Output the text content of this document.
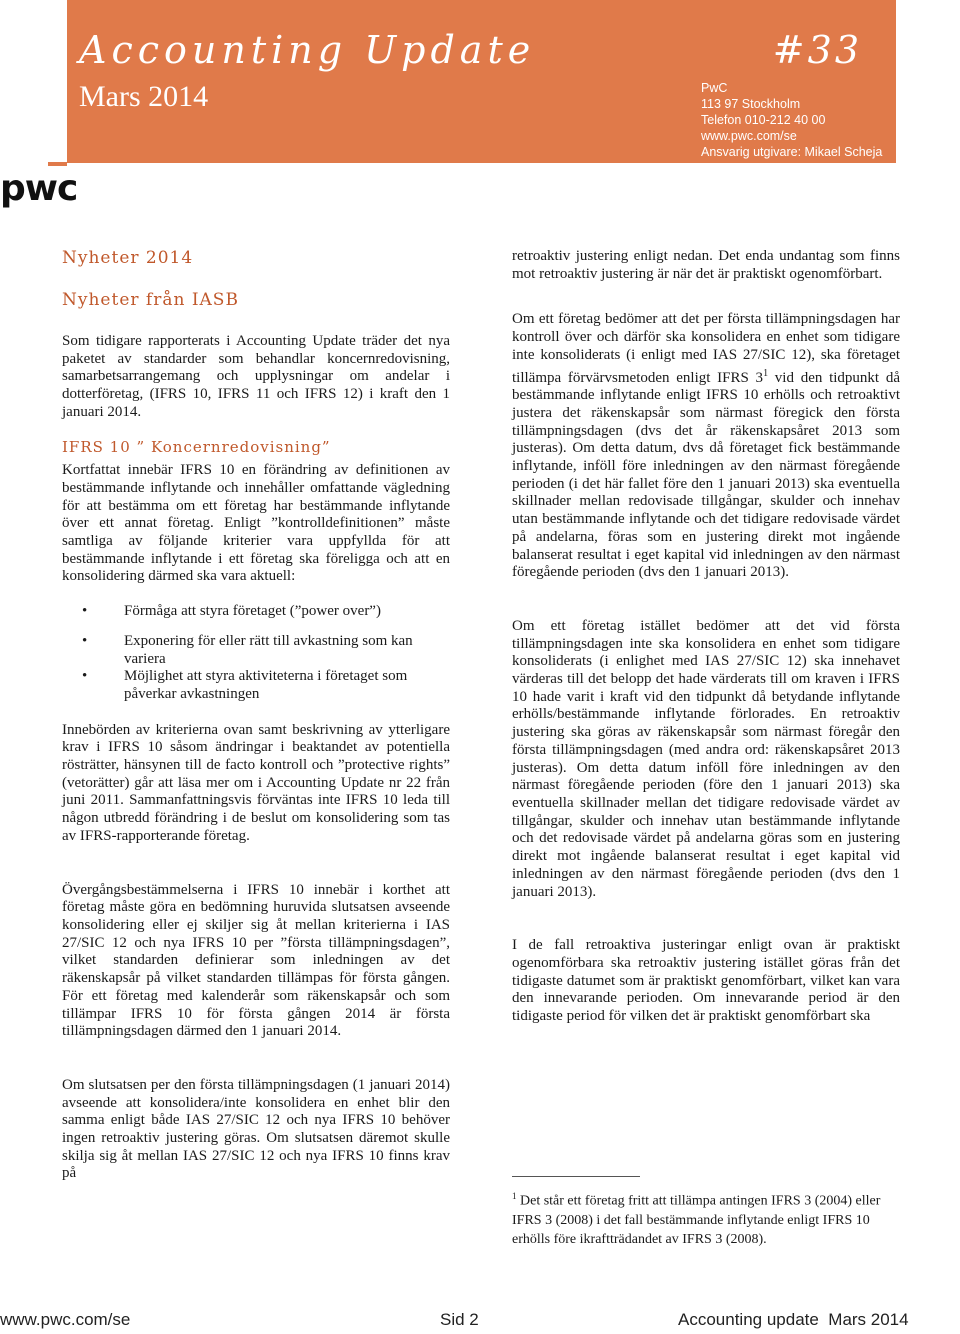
Accounting Update	#33
Mars 2014	PwC
113 97 Stockholm
Telefon 010-212 40 00
www.pwc.com/se
Ansvarig utgivare: Mikael Scheja
pwc
Nyheter 2014
Nyheter från IASB

Som tidigare rapporterats i Accounting Update träder det nya paketet av standarder som behandlar koncernredovisning, samarbetsarrangemang och upplysningar om andelar i dotterföretag, (IFRS 10, IFRS 11 och IFRS 12) i kraft den 1 januari 2014.

IFRS 10 ” Koncernredovisning”

Kortfattat innebär IFRS 10 en förändring av definitionen av bestämmande inflytande och innehåller omfattande vägledning för att bestämma om ett företag har bestämmande inflytande över ett annat företag. Enligt ”kontrolldefinitionen” måste samtliga av följande kriterier vara uppfyllda för att bestämmande inflytande i ett företag ska föreligga och att en konsolidering därmed ska vara aktuell:

• Förmåga att styra företaget (”power over”)
• Exponering för eller rätt till avkastning som kan variera
• Möjlighet att styra aktiviteterna i företaget som påverkar avkastningen

Innebörden av kriterierna ovan samt beskrivning av ytterligare krav i IFRS 10 såsom ändringar i beaktandet av potentiella rösträtter, hänsynen till de facto kontroll och ”protective rights” (vetorätter) går att läsa mer om i Accounting Update nr 22 från juni 2011. Sammanfattningsvis förväntas inte IFRS 10 leda till någon utbredd förändring i de beslut om konsolidering som tas av IFRS-rapporterande företag.

Övergångsbestämmelserna i IFRS 10 innebär i korthet att företag måste göra en bedömning huruvida slutsatsen avseende konsolidering eller ej skiljer sig åt mellan kriterierna i IAS 27/SIC 12 och nya IFRS 10 per ”första tillämpningsdagen”, vilket standarden definierar som inledningen av det räkenskapsår på vilket standarden tillämpas för första gången. För ett företag med kalenderår som räkenskapsår och som tillämpar IFRS 10 för första gången 2014 är första tillämpningsdagen därmed den 1 januari 2014.

Om slutsatsen per den första tillämpningsdagen (1 januari 2014) avseende att konsolidera/inte konsolidera en enhet blir den samma enligt både IAS 27/SIC 12 och nya IFRS 10 behöver ingen retroaktiv justering göras. Om slutsatsen däremot skulle skilja sig åt mellan IAS 27/SIC 12 och nya IFRS 10 finns krav på

retroaktiv justering enligt nedan. Det enda undantag som finns mot retroaktiv justering är när det är praktiskt ogenomförbart.

Om ett företag bedömer att det per första tillämpningsdagen har kontroll över och därför ska konsolidera en enhet som tidigare inte konsoliderats (i enligt med IAS 27/SIC 12), ska företaget tillämpa förvärvsmetoden enligt IFRS $3^1$ vid den tidpunkt då bestämmande inflytande enligt IFRS 10 erhölls och retroaktivt justera det räkenskapsår som närmast föregick den första tillämpningsdagen (dvs det år räkenskapsåret 2013 som justeras). Om detta datum, dvs då företaget fick bestämmande inflytande, inföll före inledningen av den närmast föregående perioden (i det här fallet före den 1 januari 2013) ska eventuella skillnader mellan redovisade tillgångar, skulder och innehav utan bestämmande inflytande och det tidigare redovisade värdet på andelarna, föras som en justering direkt mot ingående balanserat resultat i eget kapital vid inledningen av den närmast föregående perioden (dvs den 1 januari 2013).

Om ett företag istället bedömer att det vid första tillämpningsdagen inte ska konsolidera en enhet som tidigare konsoliderats (i enlighet med IAS 27/SIC 12) ska innehavet värderas till det belopp det hade värderats till om kraven i IFRS 10 hade varit i kraft vid den tidpunkt då betydande inflytande erhölls/bestämmande inflytande förlorades. En retroaktiv justering ska göras av räkenskapsår som närmast föregår den första tillämpningsdagen (med andra ord: räkenskapsåret 2013 justeras). Om detta datum inföll före inledningen av den närmast föregående perioden (före den 1 januari 2013) ska eventuella skillnader mellan det tidigare redovisade värdet av tillgångar, skulder och innehav utan bestämmande inflytande och det redovisade värdet på andelarna göras som en justering direkt mot ingående balanserat resultat i eget kapital vid inledningen av den närmast föregående perioden (dvs den 1 januari 2013).

I de fall retroaktiva justeringar enligt ovan är praktiskt ogenomförbara ska retroaktiv justering istället göras från det tidigaste datumet som är praktiskt genomförbart, vilket kan vara den innevarande perioden. Om innevarande period är den tidigaste period för vilken det är praktiskt genomförbart ska

$^1$ Det står ett företag fritt att tillämpa antingen IFRS 3 (2004) eller IFRS 3 (2008) i det fall bestämmande inflytande enligt IFRS 10 erhölls före ikraftträdandet av IFRS 3 (2008).
www.pwc.com/se	Sid 2	Accounting update  Mars 2014
